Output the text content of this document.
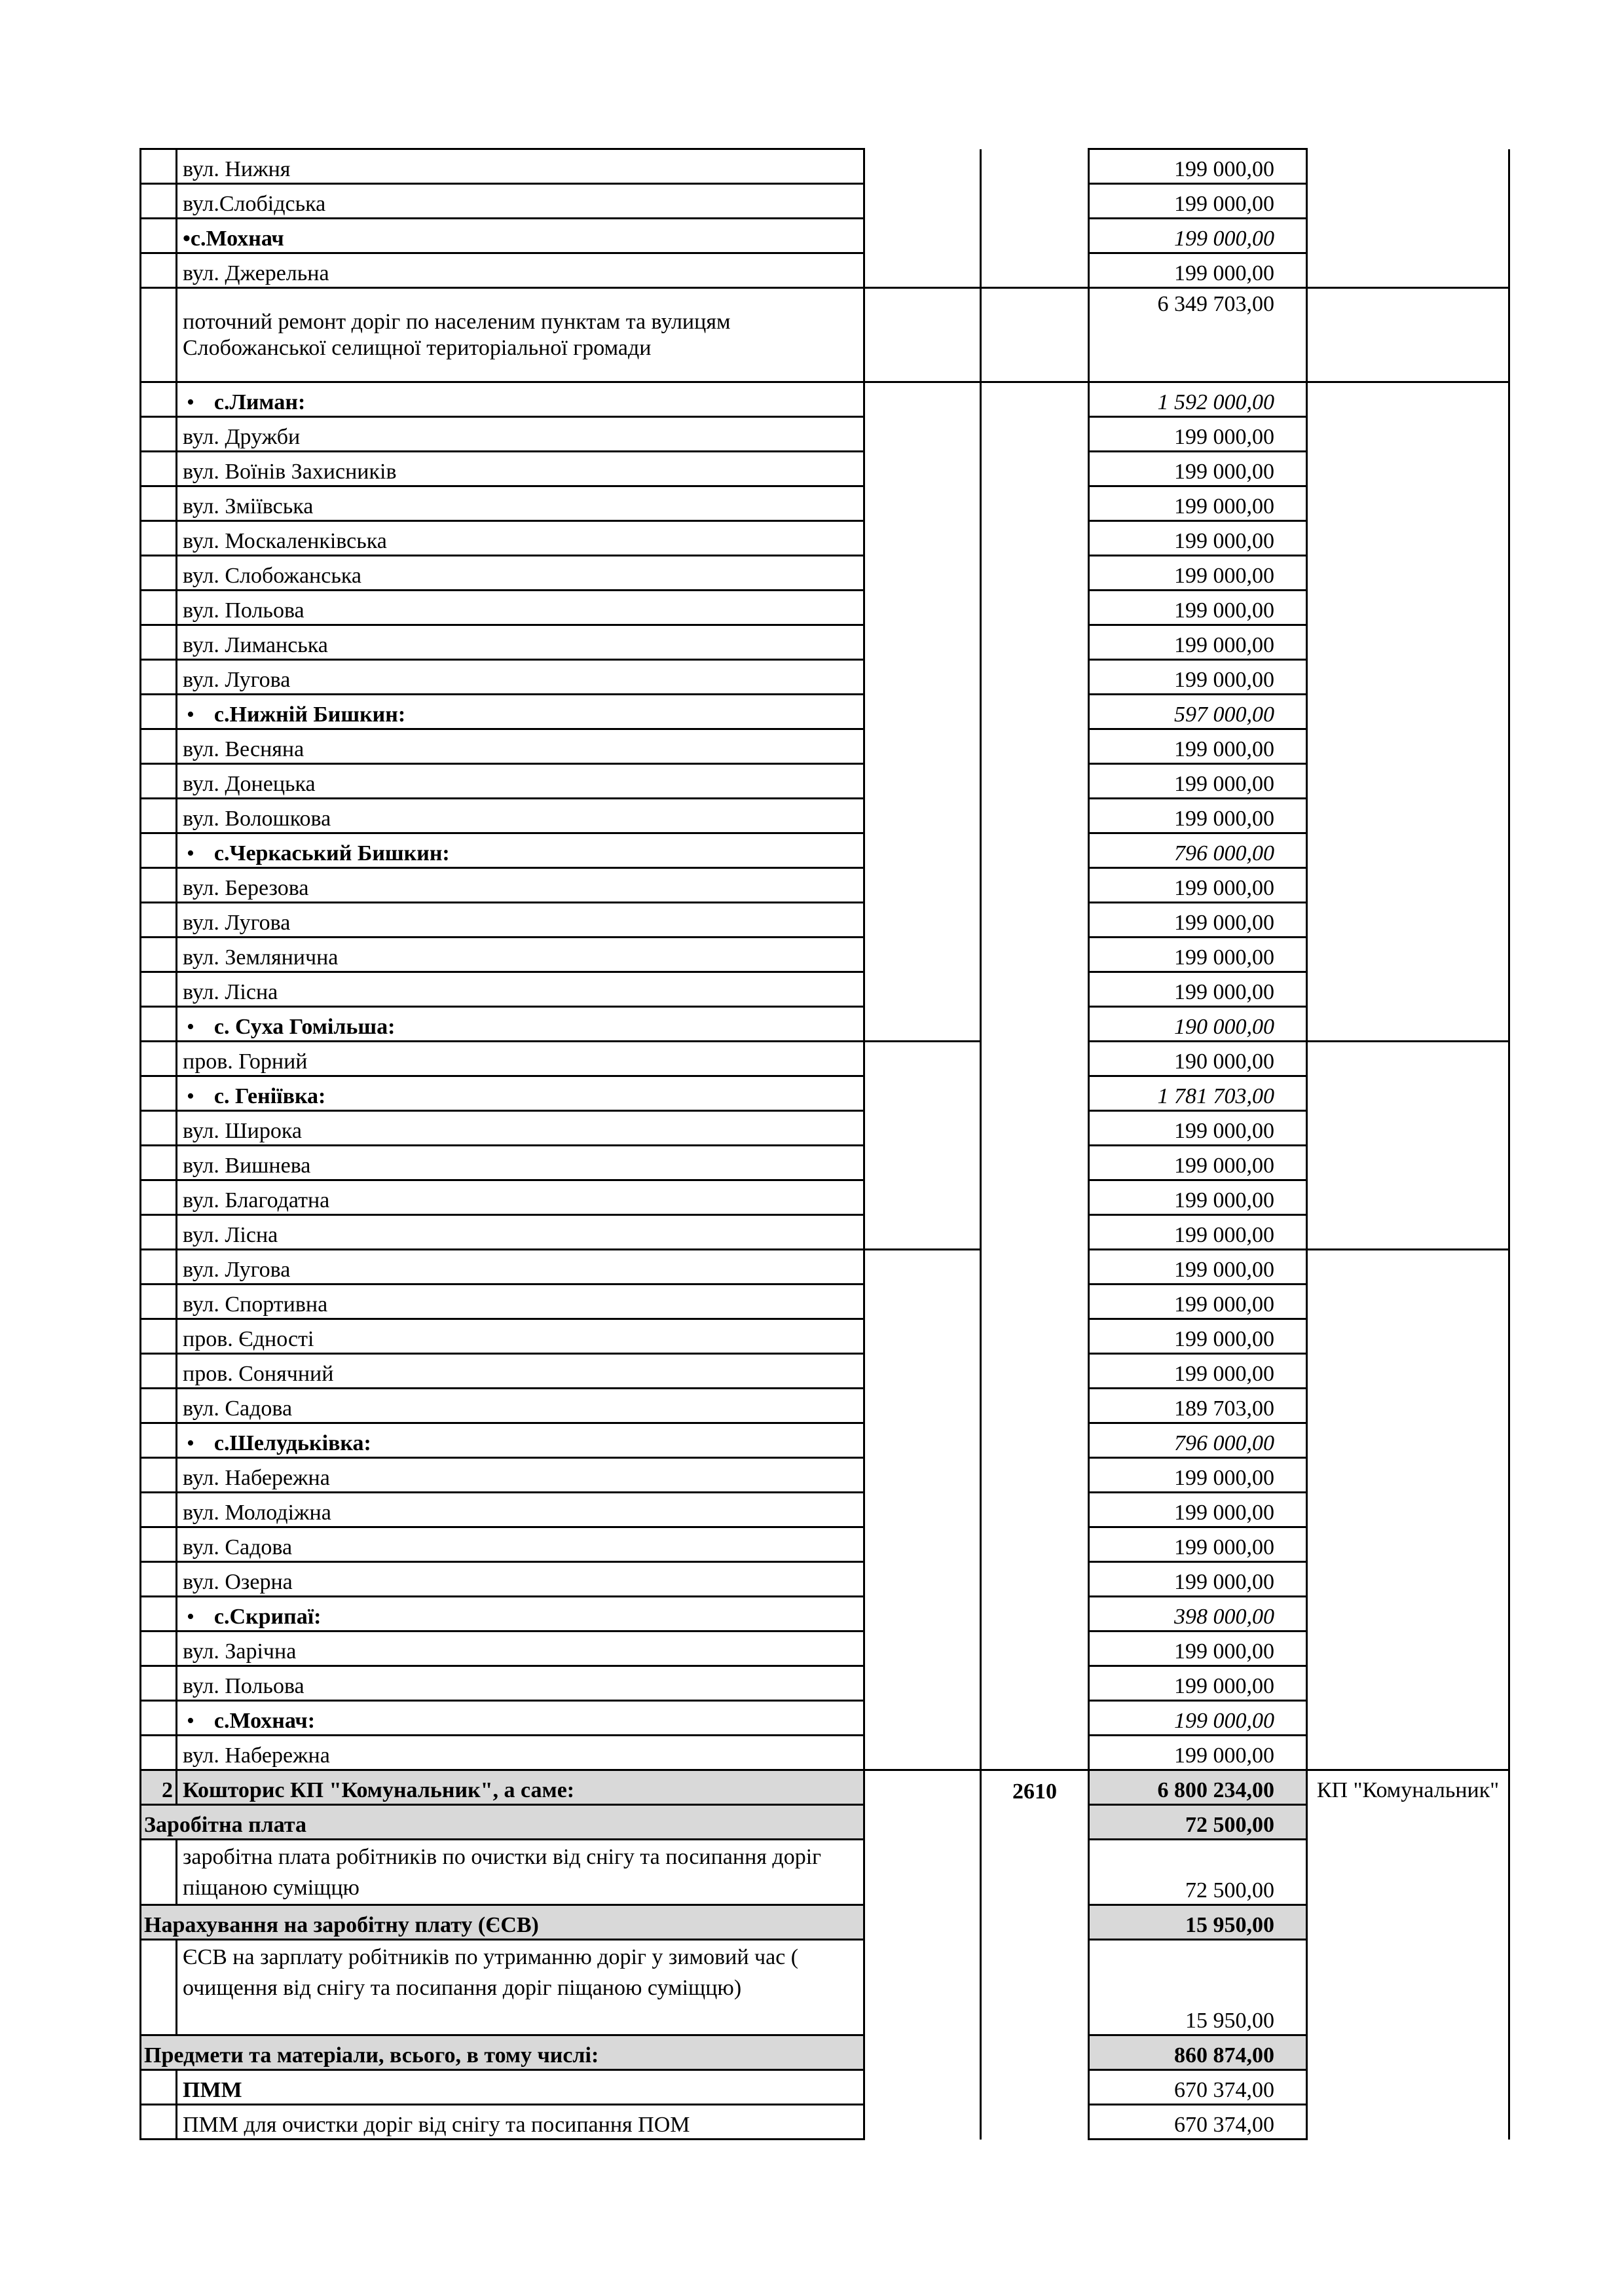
	вул. Нижня			199 000,00	
	вул.Слобідська			199 000,00	
	• с.Мохнач			199 000,00	
	вул. Джерельна			199 000,00	
	поточний ремонт доріг по населеним пунктам та вулицям Слобожанської селищної територіальної громади			6 349 703,00	
	• с.Лиман:			1 592 000,00	
	вул. Дружби			199 000,00	
	вул. Воїнів Захисників			199 000,00	
	вул. Зміївська			199 000,00	
	вул. Москаленківська			199 000,00	
	вул. Слобожанська			199 000,00	
	вул. Польова			199 000,00	
	вул. Лиманська			199 000,00	
	вул. Лугова			199 000,00	
	• с.Нижній Бишкин:			597 000,00	
	вул. Весняна			199 000,00	
	вул. Донецька			199 000,00	
	вул. Волошкова			199 000,00	
	• с.Черкаський Бишкин:			796 000,00	
	вул. Березова			199 000,00	
	вул. Лугова			199 000,00	
	вул. Землянична			199 000,00	
	вул. Лісна			199 000,00	
	• с. Суха Гомільша:			190 000,00	
	пров. Горний			190 000,00	
	• с. Геніївка:			1 781 703,00	
	вул. Широка			199 000,00	
	вул. Вишнева			199 000,00	
	вул. Благодатна			199 000,00	
	вул. Лісна			199 000,00	
	вул. Лугова			199 000,00	
	вул. Спортивна			199 000,00	
	пров. Єдності			199 000,00	
	пров. Сонячний			199 000,00	
	вул. Садова			189 703,00	
	• с.Шелудьківка:			796 000,00	
	вул. Набережна			199 000,00	
	вул. Молодіжна			199 000,00	
	вул. Садова			199 000,00	
	вул. Озерна			199 000,00	
	• с.Скрипаї:			398 000,00	
	вул. Зарічна			199 000,00	
	вул. Польова			199 000,00	
	• с.Мохнач:			199 000,00	
	вул. Набережна			199 000,00	
2	Кошторис КП "Комунальник", а саме:		2610	6 800 234,00	КП "Комунальник"

Заробітна плата				72 500,00	
	заробітна плата робітників по очистки від снігу та посипання доріг піщаною суміщцю			72 500,00	
Нарахування на заробітну плату (ЄСВ)				15 950,00	
	ЄСВ на зарплату робітників по утриманню доріг у зимовий час ( очищення від снігу та посипання доріг піщаною суміщцю)			15 950,00	
Предмети та матеріали, всього, в тому числі:				860 874,00	
	ПММ			670 374,00	
	ПММ для очистки доріг від снігу та посипання ПОМ			670 374,00	
